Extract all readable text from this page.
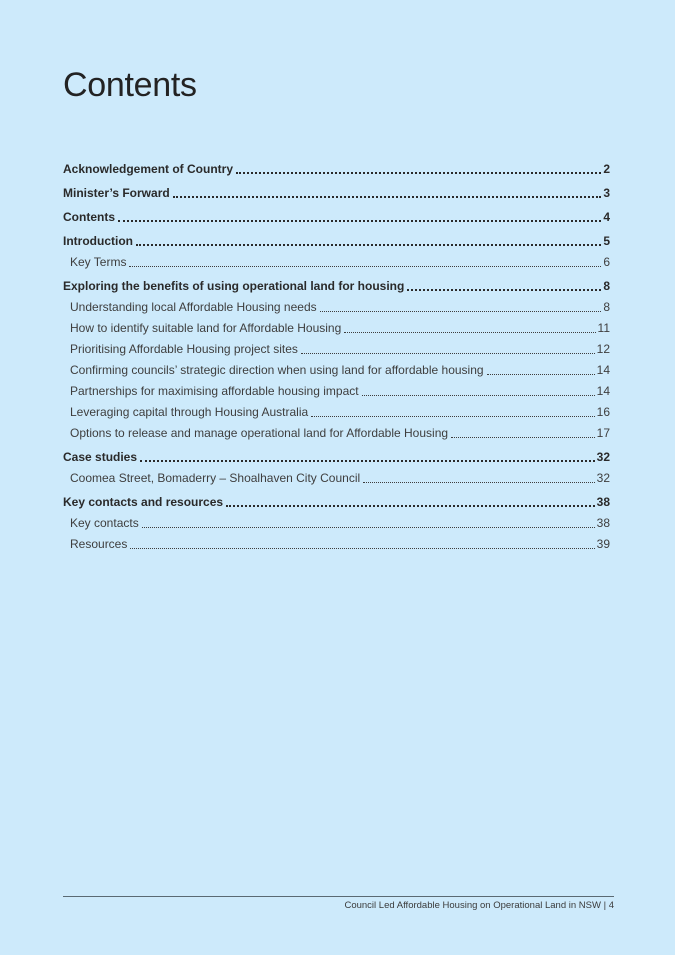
Contents
Acknowledgement of Country	2
Minister’s Forward	3
Contents	4
Introduction	5
Key Terms	6
Exploring the benefits of using operational land for housing	8
Understanding local Affordable Housing needs	8
How to identify suitable land for Affordable Housing	11
Prioritising Affordable Housing project sites	12
Confirming councils’ strategic direction when using land for affordable housing	14
Partnerships for maximising affordable housing impact	14
Leveraging capital through Housing Australia	16
Options to release and manage operational land for Affordable Housing	17
Case studies	32
Coomea Street, Bomaderry – Shoalhaven City Council	32
Key contacts and resources	38
Key contacts	38
Resources	39
Council Led Affordable Housing on Operational Land in NSW | 4
